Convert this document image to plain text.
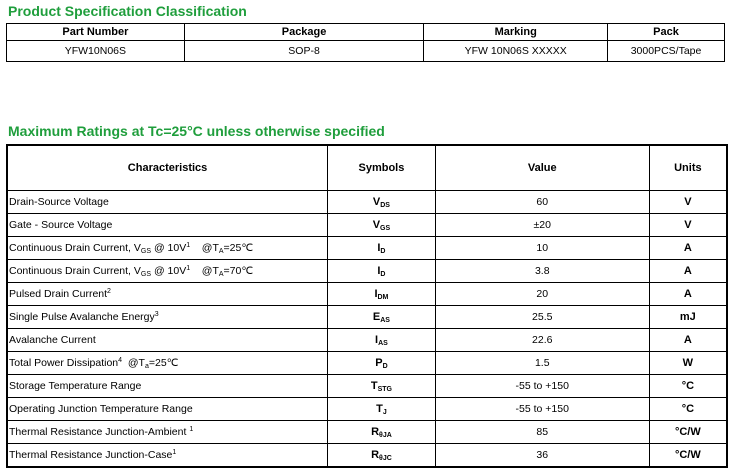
Product Specification Classification
Part Number	Package	Marking	Pack
YFW10N06S	SOP-8	YFW 10N06S XXXXX	3000PCS/Tape
Maximum Ratings at Tc=25°C unless otherwise specified
Characteristics	Symbols	Value	Units
Drain-Source Voltage	$V_{DS}$	60	V
Gate - Source Voltage	$V_{GS}$	±20	V
Continuous Drain Current, VGS @ $10V^1$    @TA=25℃	$I_D$	10	A
Continuous Drain Current, VGS @ $10V^1$    @TA=70℃	$I_D$	3.8	A
Pulsed Drain Current$^2$	$I_{DM}$	20	A
Single Pulse Avalanche Energy$^3$	$E_{AS}$	25.5	mJ
Avalanche Current	$I_{AS}$	22.6	A
Total Power Dissipation$^4$  @Ta=25℃	$P_D$	1.5	W
Storage Temperature Range	$T_{STG}$	-55 to +150	°C
Operating Junction Temperature Range	$T_J$	-55 to +150	°C
Thermal Resistance Junction-Ambient $^1$	$R_{\theta JA}$	85	°C/W
Thermal Resistance Junction-Case$^1$	$R_{\theta JC}$	36	°C/W
